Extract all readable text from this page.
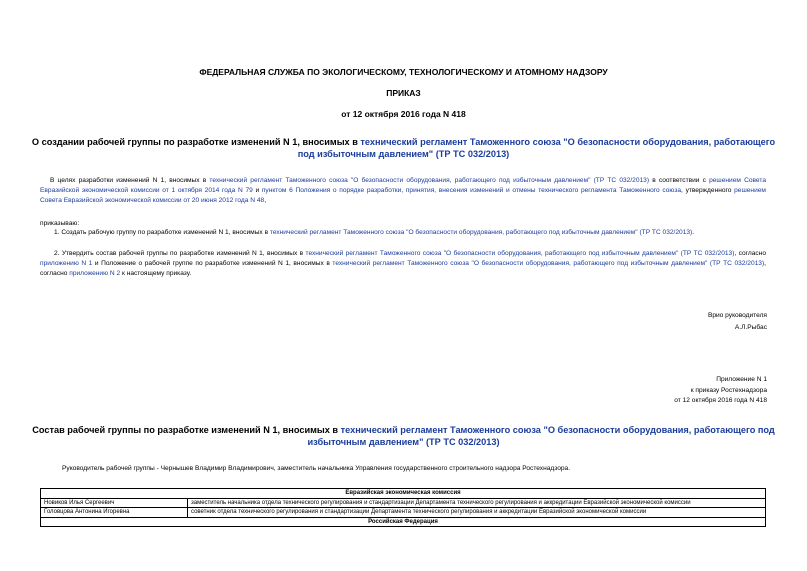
ФЕДЕРАЛЬНАЯ СЛУЖБА ПО ЭКОЛОГИЧЕСКОМУ, ТЕХНОЛОГИЧЕСКОМУ И АТОМНОМУ НАДЗОРУ
ПРИКАЗ
от 12 октября 2016 года N 418
О создании рабочей группы по разработке изменений N 1, вносимых в технический регламент Таможенного союза "О безопасности оборудования, работающего под избыточным давлением" (ТР ТС 032/2013)
В целях разработки изменений N 1, вносимых в технический регламент Таможенного союза "О безопасности оборудования, работающего под избыточным давлением" (ТР ТС 032/2013) в соответствии с решением Совета Евразийской экономической комиссии от 1 октября 2014 года N 79 и пунктом 6 Положения о порядке разработки, принятия, внесения изменений и отмены технического регламента Таможенного союза, утвержденного решением Совета Евразийской экономической комиссии от 20 июня 2012 года N 48,
приказываю:
1. Создать рабочую группу по разработке изменений N 1, вносимых в технический регламент Таможенного союза "О безопасности оборудования, работающего под избыточным давлением" (ТР ТС 032/2013).
2. Утвердить состав рабочей группы по разработке изменений N 1, вносимых в технический регламент Таможенного союза "О безопасности оборудования, работающего под избыточным давлением" (ТР ТС 032/2013), согласно приложению N 1 и Положение о рабочей группе по разработке изменений N 1, вносимых в технический регламент Таможенного союза "О безопасности оборудования, работающего под избыточным давлением" (ТР ТС 032/2013), согласно приложению N 2 к настоящему приказу.
Врио руководителя
А.Л.Рыбас
Приложение N 1
к приказу Ростехнадзора
от 12 октября 2016 года N 418
Состав рабочей группы по разработке изменений N 1, вносимых в технический регламент Таможенного союза "О безопасности оборудования, работающего под избыточным давлением" (ТР ТС 032/2013)
Руководитель рабочей группы - Чернышев Владимир Владимирович, заместитель начальника Управления государственного строительного надзора Ростехнадзора.
Евразийская экономическая комиссия	
Новиков Илья Сергеевич	заместитель начальника отдела технического регулирования и стандартизации Департамента технического регулирования и аккредитации Евразийской экономической комиссии
Головцова Антонина Игоревна	советник отдела технического регулирования и стандартизации Департамента технического регулирования и аккредитации Евразийской экономической комиссии
Российская Федерация	
